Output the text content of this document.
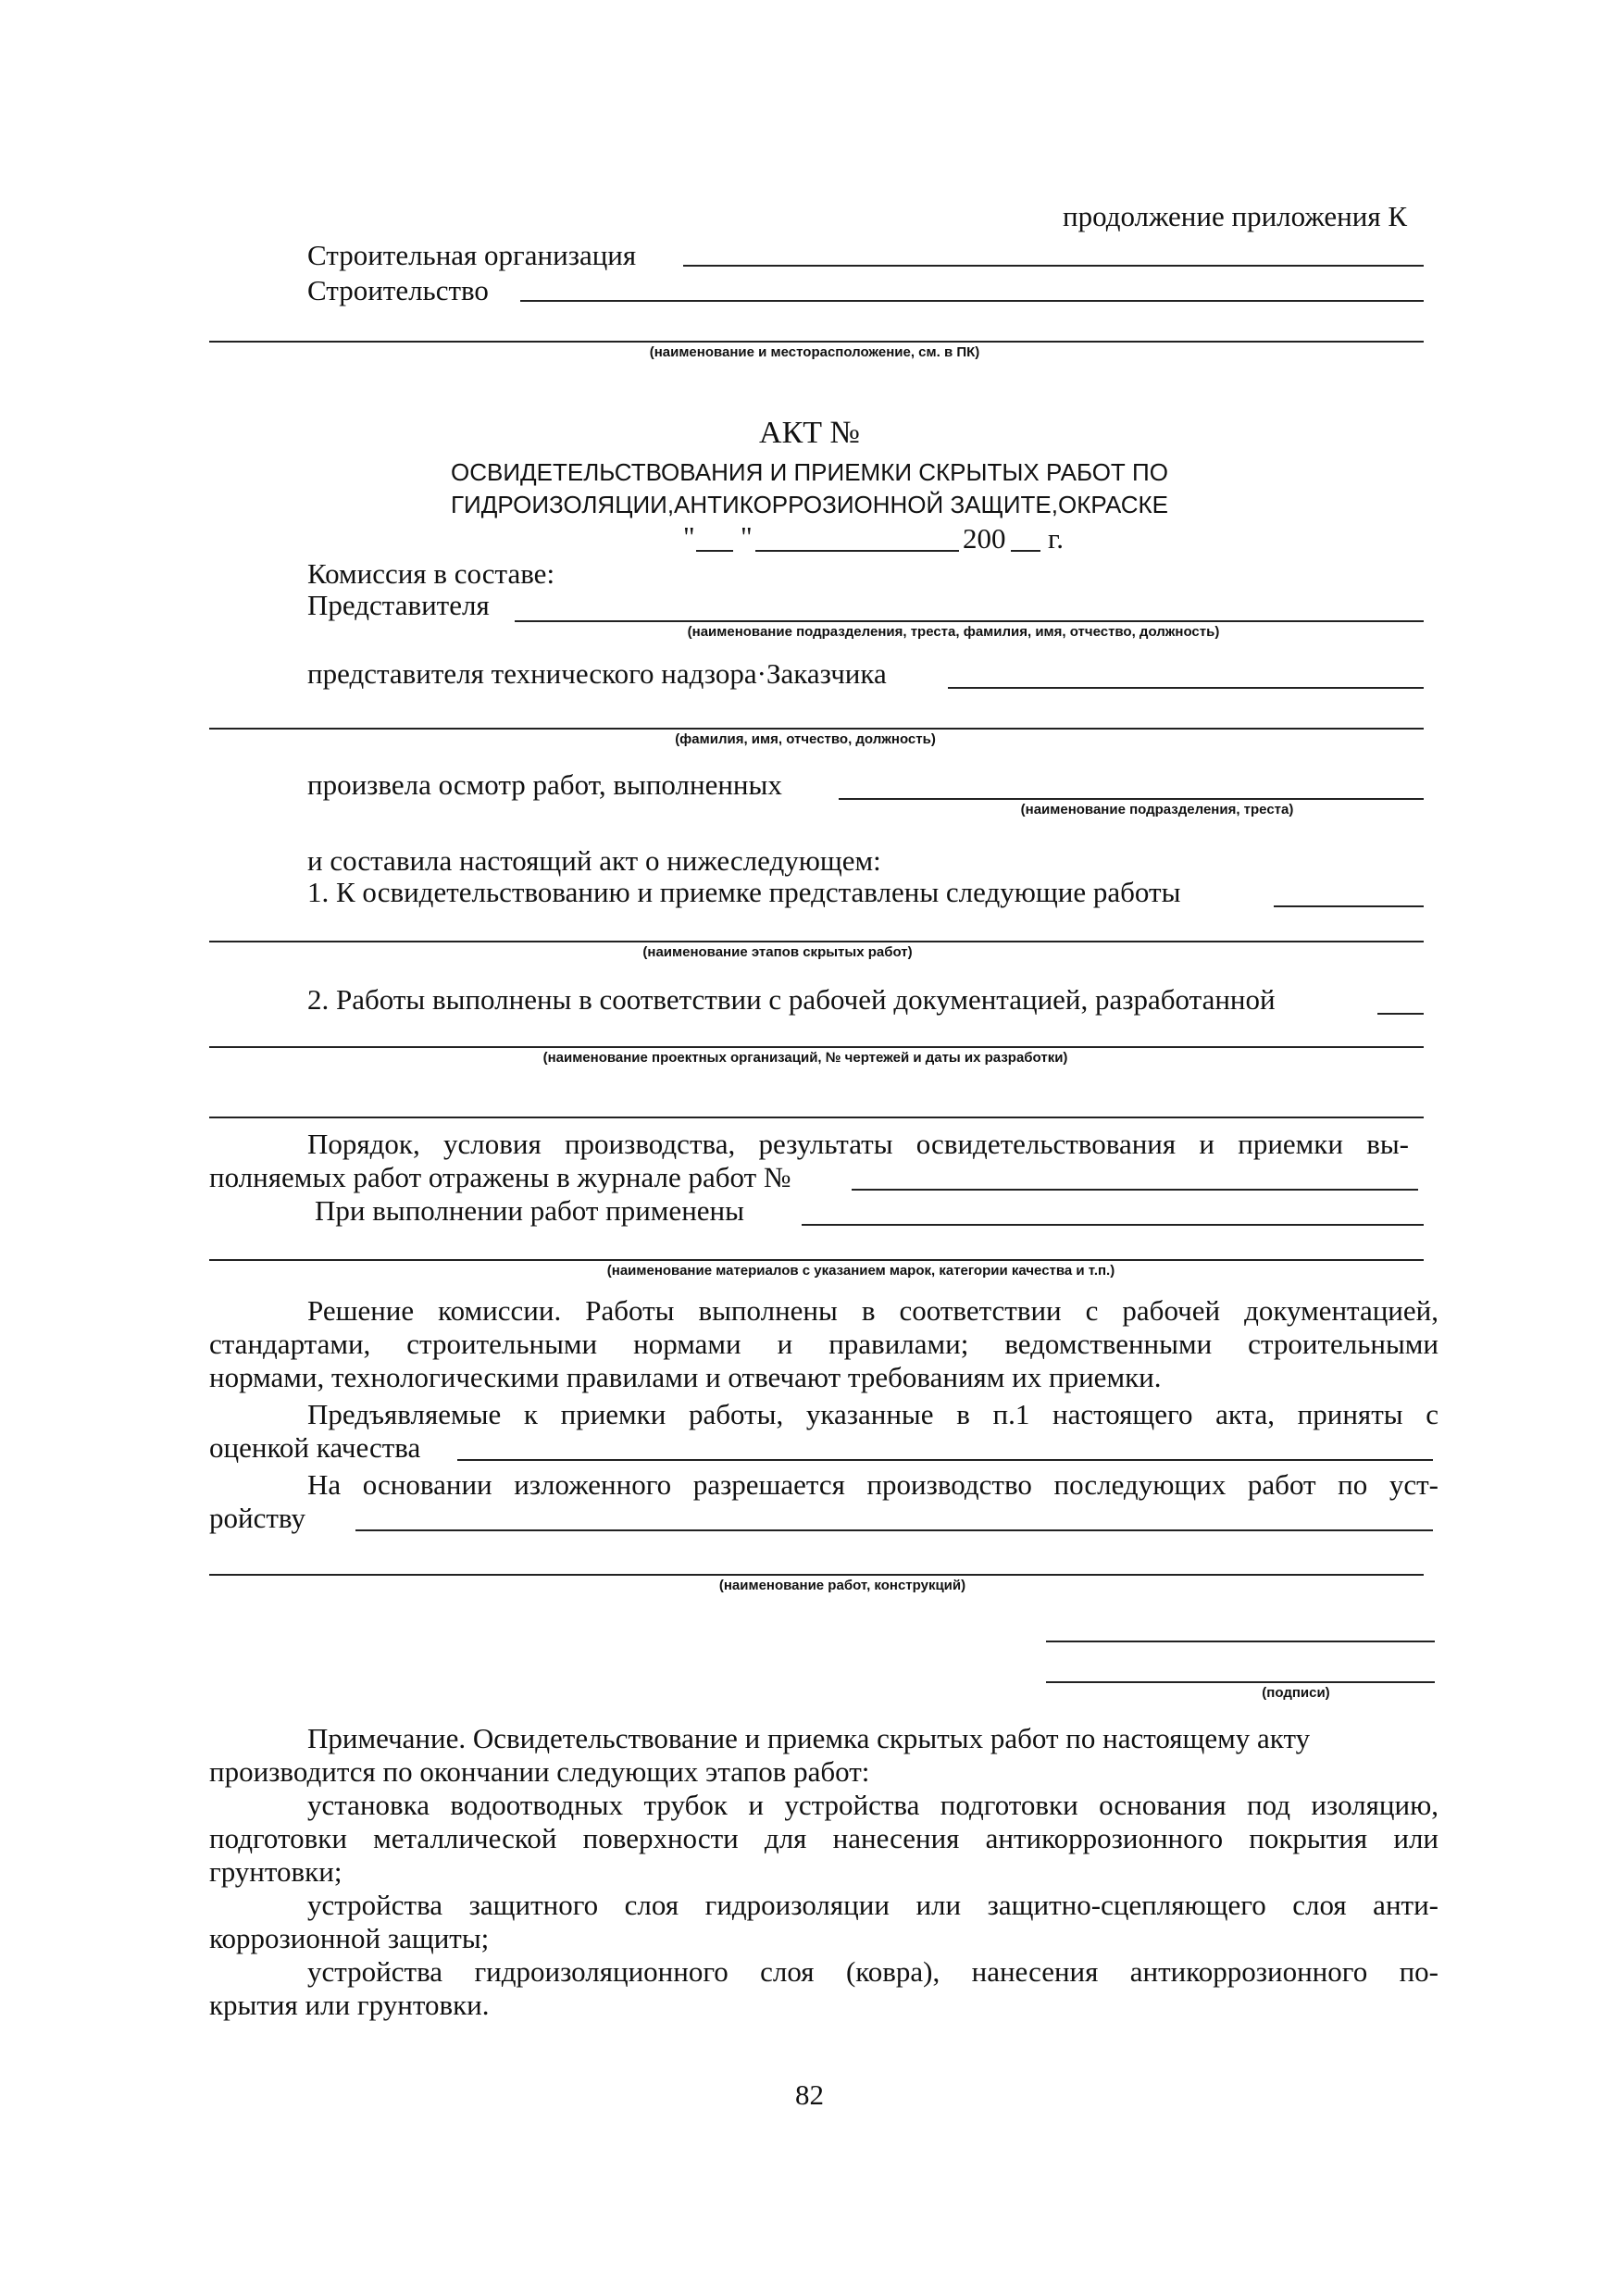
продолжение приложения К
Строительная организация
Строительство
(наименование и месторасположение, см. в ПК)
АКТ №
ОСВИДЕТЕЛЬСТВОВАНИЯ И ПРИЕМКИ СКРЫТЫХ РАБОТ ПО
ГИДРОИЗОЛЯЦИИ,АНТИКОРРОЗИОННОЙ ЗАЩИТЕ,ОКРАСКЕ
" "	200 г.
Комиссия в составе:
Представителя
(наименование подразделения, треста, фамилия, имя, отчество, должность)
представителя технического надзора·Заказчика
(фамилия, имя, отчество, должность)
произвела осмотр работ, выполненных
(наименование подразделения, треста)
и составила настоящий акт о нижеследующем:
1. К освидетельствованию и приемке представлены следующие работы
(наименование этапов скрытых работ)
2. Работы выполнены в соответствии с рабочей документацией, разработанной
(наименование проектных организаций, № чертежей и даты их разработки)
Порядок, условия производства, результаты освидетельствования и приемки вы-
полняемых работ отражены в журнале работ №
При выполнении работ применены
(наименование материалов с указанием марок, категории качества и т.п.)
Решение комиссии. Работы выполнены в соответствии с рабочей документацией,
стандартами, строительными нормами и правилами; ведомственными строительными
нормами, технологическими правилами и отвечают требованиям их приемки.
Предъявляемые к приемки работы, указанные в п.1 настоящего акта, приняты с
оценкой качества
На основании изложенного разрешается производство последующих работ по уст-
ройству
(наименование работ, конструкций)
(подписи)
Примечание. Освидетельствование и приемка скрытых работ по настоящему акту
производится по окончании следующих этапов работ:
установка водоотводных трубок и устройства подготовки основания под изоляцию,
подготовки металлической поверхности для нанесения антикоррозионного покрытия или
грунтовки;
устройства защитного слоя гидроизоляции или защитно-сцепляющего слоя анти-
коррозионной защиты;
устройства гидроизоляционного слоя (ковра), нанесения антикоррозионного по-
крытия или грунтовки.
82
